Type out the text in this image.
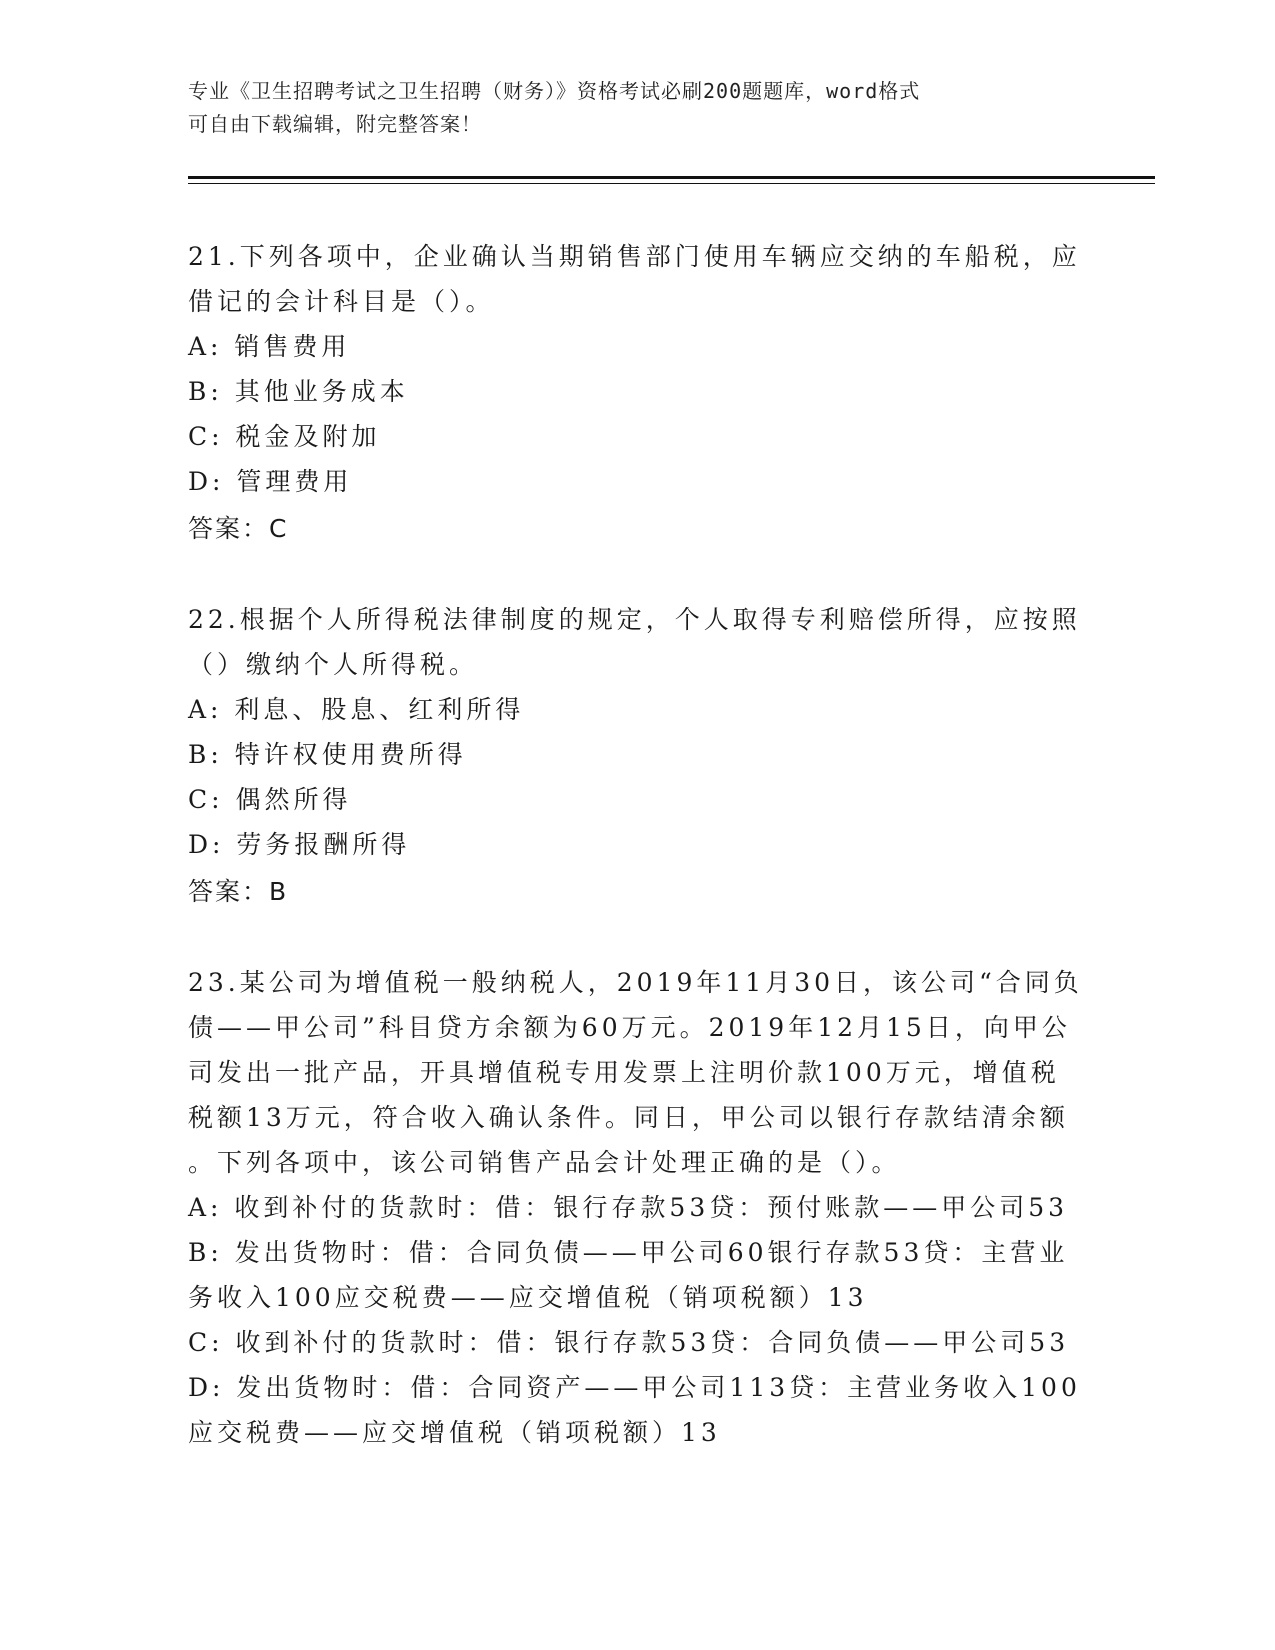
专业《卫生招聘考试之卫生招聘（财务）》资格考试必刷200题题库，word格式
可自由下载编辑，附完整答案！
21.下列各项中，企业确认当期销售部门使用车辆应交纳的车船税，应
借记的会计科目是（）。
A: 销售费用
B: 其他业务成本
C: 税金及附加
D: 管理费用
答案：C
22.根据个人所得税法律制度的规定，个人取得专利赔偿所得，应按照
（）缴纳个人所得税。
A: 利息、股息、红利所得
B: 特许权使用费所得
C: 偶然所得
D: 劳务报酬所得
答案：B
23.某公司为增值税一般纳税人，2019年11月30日，该公司“合同负
债——甲公司”科目贷方余额为60万元。2019年12月15日，向甲公
司发出一批产品，开具增值税专用发票上注明价款100万元，增值税
税额13万元，符合收入确认条件。同日，甲公司以银行存款结清余额
。下列各项中，该公司销售产品会计处理正确的是（）。
A: 收到补付的货款时：借：银行存款53贷：预付账款——甲公司53
B: 发出货物时：借：合同负债——甲公司60银行存款53贷：主营业
务收入100应交税费——应交增值税（销项税额）13
C: 收到补付的货款时：借：银行存款53贷：合同负债——甲公司53
D: 发出货物时：借：合同资产——甲公司113贷：主营业务收入100
应交税费——应交增值税（销项税额）13
